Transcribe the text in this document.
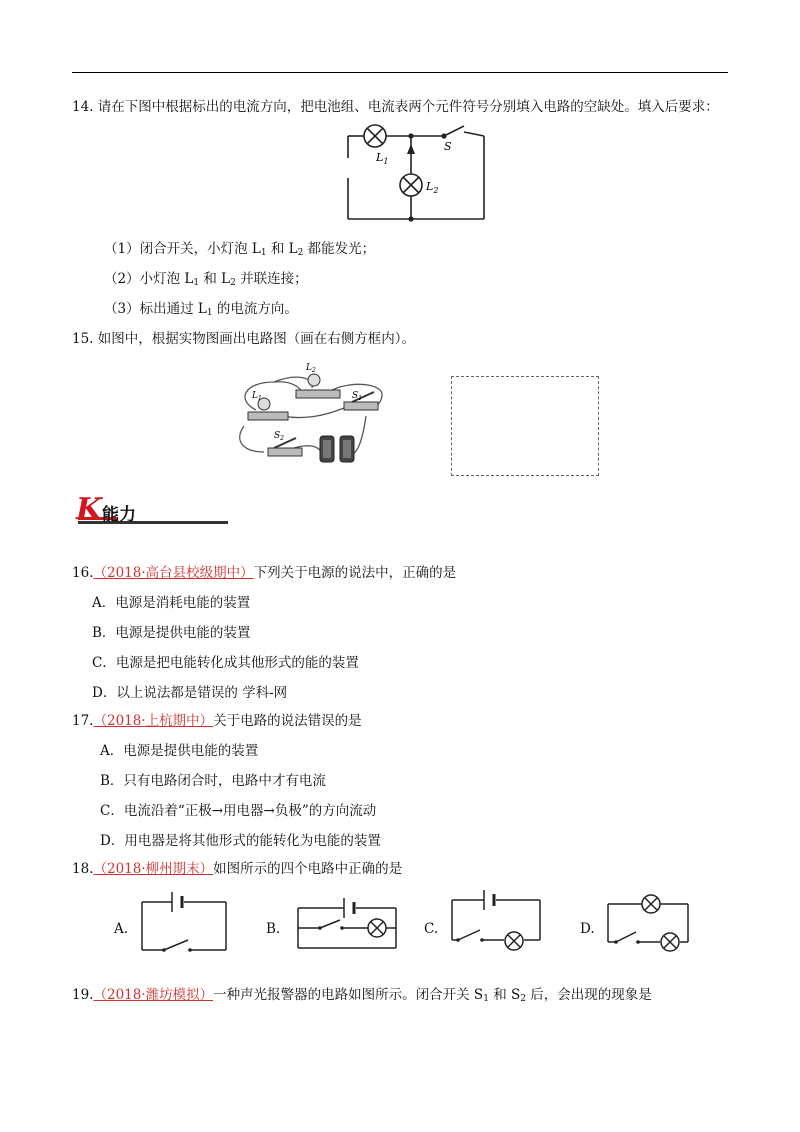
14. 请在下图中根据标出的电流方向，把电池组、电流表两个元件符号分别填入电路的空缺处。填入后要求：
$L_1$
$L_2$
S
（1）闭合开关，小灯泡 $L_1$ 和 $L_2$ 都能发光；
（2）小灯泡 $L_1$ 和 $L_2$ 并联连接；
（3）标出通过 $L_1$ 的电流方向。
15. 如图中，根据实物图画出电路图（画在右侧方框内）。
$L_1$
$L_2$
$S_1$
$S_2$
K 能力
16.（2018·高台县校级期中）下列关于电源的说法中，正确的是
A．电源是消耗电能的装置
B．电源是提供电能的装置
C．电源是把电能转化成其他形式的能的装置
D．以上说法都是错误的 学科-网
17.（2018·上杭期中）关于电路的说法错误的是
A．电源是提供电能的装置
B．只有电路闭合时，电路中才有电流
C．电流沿着“正极→用电器→负极”的方向流动
D．用电器是将其他形式的能转化为电能的装置
18.（2018·柳州期末）如图所示的四个电路中正确的是
A.	B.	C.	D.
19.（2018·潍坊模拟）一种声光报警器的电路如图所示。闭合开关 $S_1$ 和 $S_2$ 后，会出现的现象是
